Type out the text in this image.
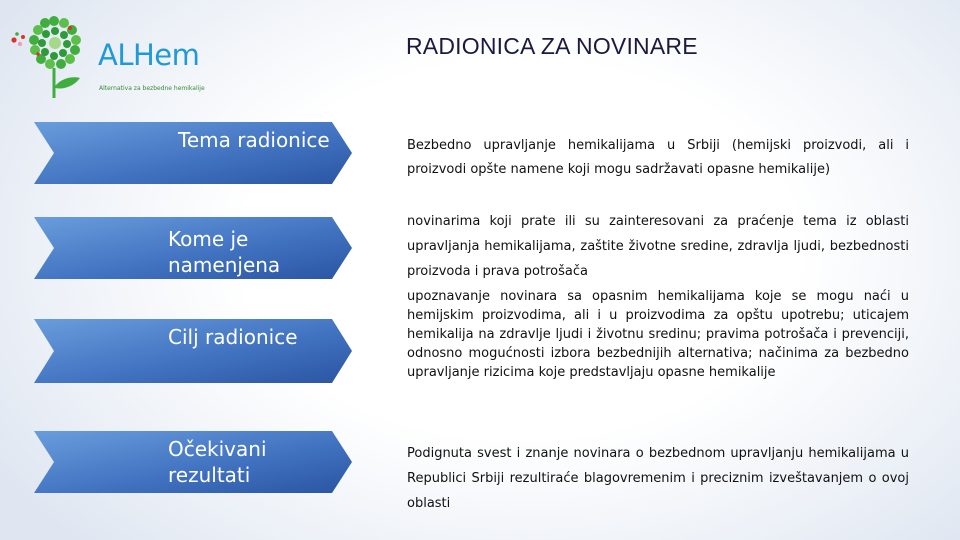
ALHem
Alternativa za bezbedne hemikalije
RADIONICA ZA NOVINARE
Tema radionice
Kome je namenjena
Cilj radionice
Očekivani rezultati
Bezbedno upravljanje hemikalijama u Srbiji (hemijski proizvodi, ali i proizvodi opšte namene koji mogu sadržavati opasne hemikalije)
novinarima koji prate ili su zainteresovani za praćenje tema iz oblasti upravljanja hemikalijama, zaštite životne sredine, zdravlja ljudi, bezbednosti proizvoda i prava potrošača
upoznavanje novinara sa opasnim hemikalijama koje se mogu naći u hemijskim proizvodima, ali i u proizvodima za opštu upotrebu; uticajem hemikalija na zdravlje ljudi i životnu sredinu; pravima potrošača i prevenciji, odnosno mogućnosti izbora bezbednijih alternativa; načinima za bezbedno upravljanje rizicima koje predstavljaju opasne hemikalije
Podignuta svest i znanje novinara o bezbednom upravljanju hemikalijama u Republici Srbiji rezultiraće blagovremenim i preciznim izveštavanjem o ovoj oblasti
